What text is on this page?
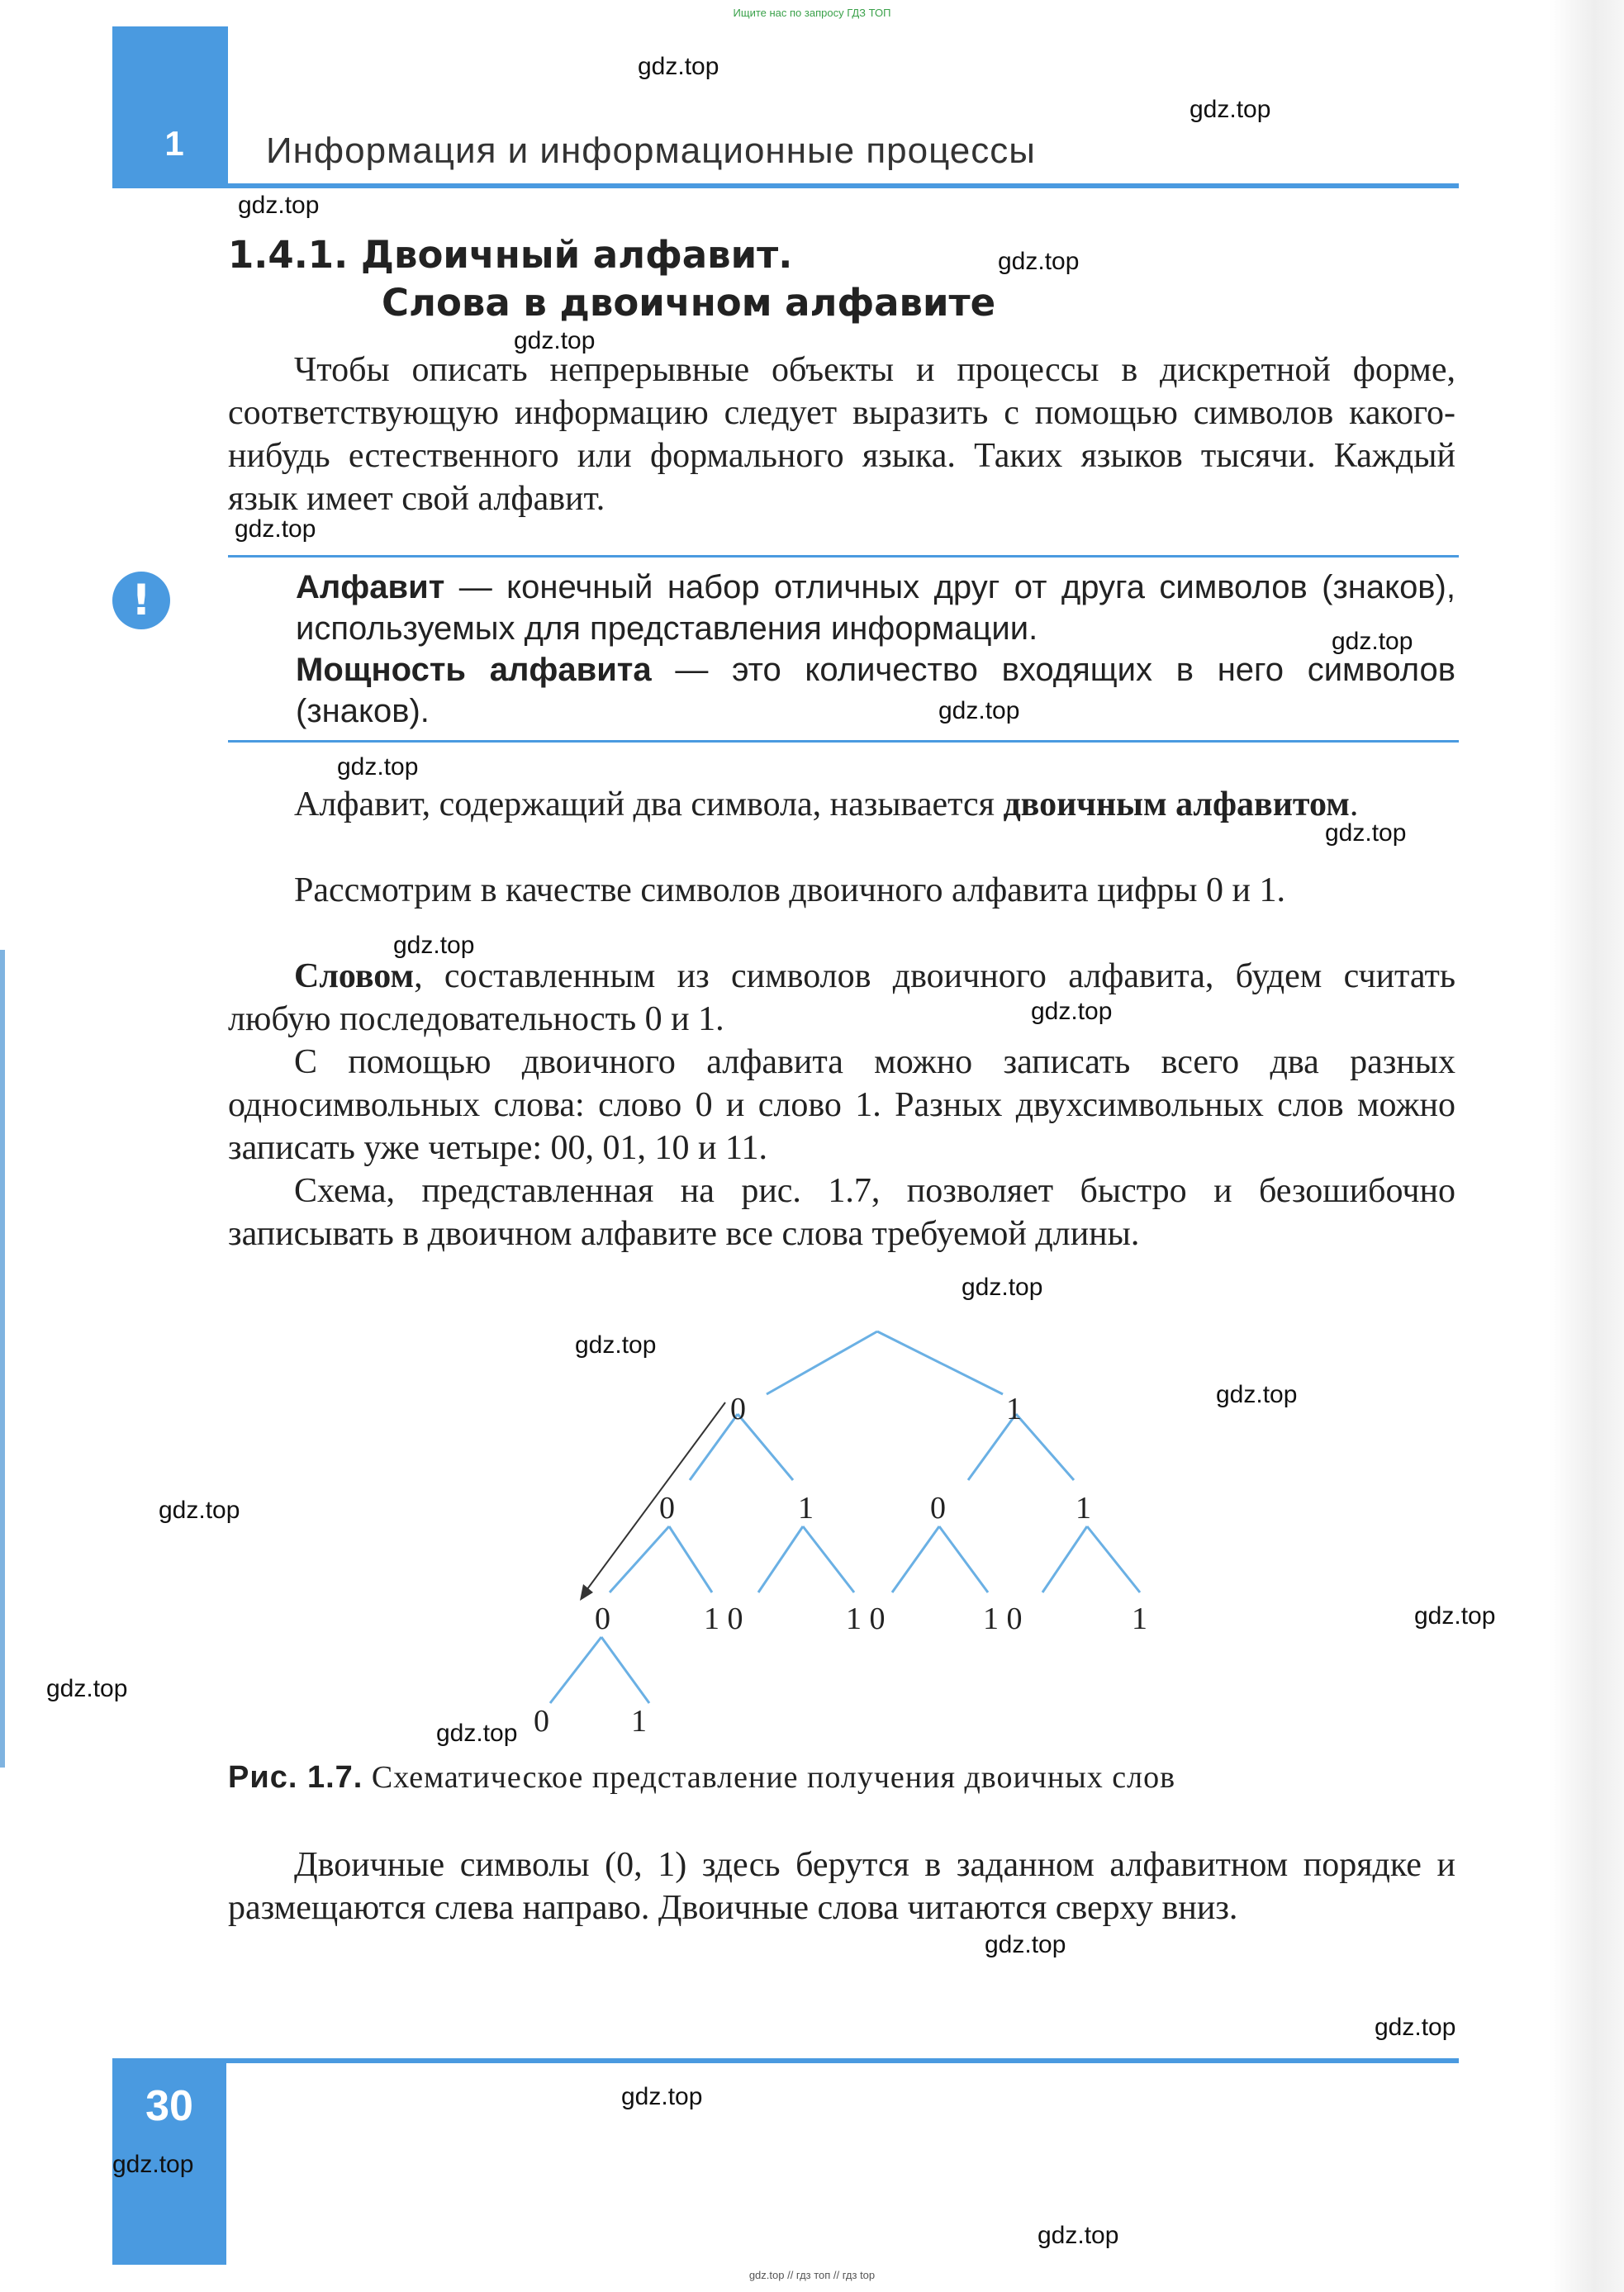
Ищите нас по запросу ГДЗ ТОП
1	Информация и информационные процессы
1.4.1. Двоичный алфавит.
Слова в двоичном алфавите
Чтобы описать непрерывные объекты и процессы в дискретной форме, соответствующую информацию следует выразить с помощью символов какого-нибудь естественного или формального языка. Таких языков тысячи. Каждый язык имеет свой алфавит.
!	Алфавит — конечный набор отличных друг от друга символов (знаков), используемых для представления информации.
Мощность алфавита — это количество входящих в него символов (знаков).
Алфавит, содержащий два символа, называется двоичным алфавитом.
Рассмотрим в качестве символов двоичного алфавита цифры 0 и 1.
Словом, составленным из символов двоичного алфавита, будем считать любую последовательность 0 и 1.
С помощью двоичного алфавита можно записать всего два разных односимвольных слова: слово 0 и слово 1. Разных двухсимвольных слов можно записать уже четыре: 00, 01, 10 и 11.
Схема, представленная на рис. 1.7, позволяет быстро и безошибочно записывать в двоичном алфавите все слова требуемой длины.
0	1
0	1	0	1
0	1 0	1 0	1 0	1
0	1
Рис. 1.7. Схематическое представление получения двоичных слов
Двоичные символы (0, 1) здесь берутся в заданном алфавитном порядке и размещаются слева направо. Двоичные слова читаются сверху вниз.
30
gdz.top
gdz.top
gdz.top
gdz.top
gdz.top
gdz.top
gdz.top
gdz.top
gdz.top
gdz.top
gdz.top
gdz.top
gdz.top
gdz.top
gdz.top
gdz.top
gdz.top
gdz.top
gdz.top
gdz.top
gdz.top
gdz.top
gdz.top
gdz.top
gdz.top // гдз топ // гдз top
